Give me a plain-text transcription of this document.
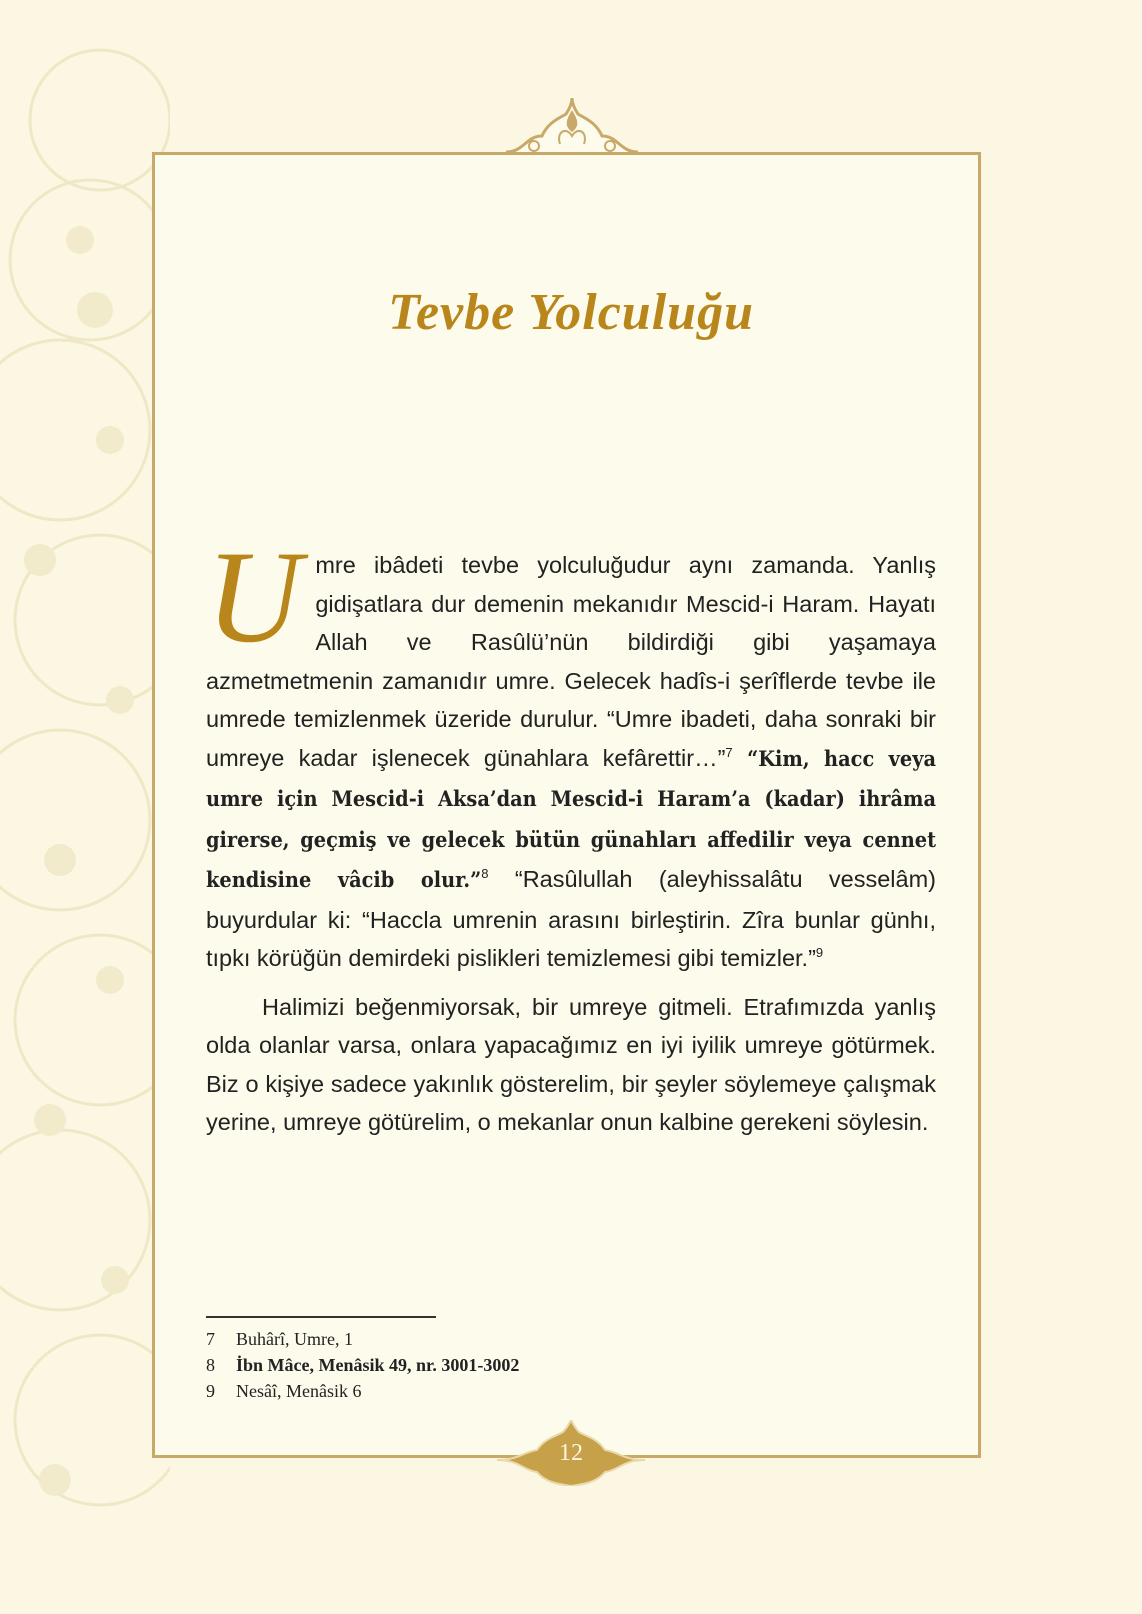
Tevbe Yolculuğu

Umre ibâdeti tevbe yolculuğudur aynı zamanda. Yanlış gidişatlara dur demenin mekanıdır Mescid-i Haram. Hayatı Allah ve Rasûlü’nün bildirdiği gibi yaşamaya azmetmetmenin zamanıdır umre. Gelecek hadîs-i şerîflerde tevbe ile umrede temizlenmek üzeride durulur. “Umre ibadeti, daha sonraki bir umreye kadar işlenecek günahlara kefârettir…”$^7$ “Kim, hacc veya umre için Mescid-i Aksa’dan Mescid-i Haram’a (kadar) ihrâma girerse, geçmiş ve gelecek bütün günahları affedilir veya cennet kendisine vâcib olur.”$^8$ “Rasûlullah (aleyhissalâtu vesselâm) buyurdular ki: “Haccla umrenin arasını birleştirin. Zîra bunlar günhı, tıpkı körüğün demirdeki pislikleri temizlemesi gibi temizler.”$^9$

Halimizi beğenmiyorsak, bir umreye gitmeli. Etrafımızda yanlış olda olanlar varsa, onlara yapacağımız en iyi iyilik umreye götürmek. Biz o kişiye sadece yakınlık gösterelim, bir şeyler söylemeye çalışmak yerine, umreye götürelim, o mekanlar onun kalbine gerekeni söylesin.

7	Buhârî, Umre, 1
8	İbn Mâce, Menâsik 49, nr. 3001-3002
9	Nesâî, Menâsik 6
12
